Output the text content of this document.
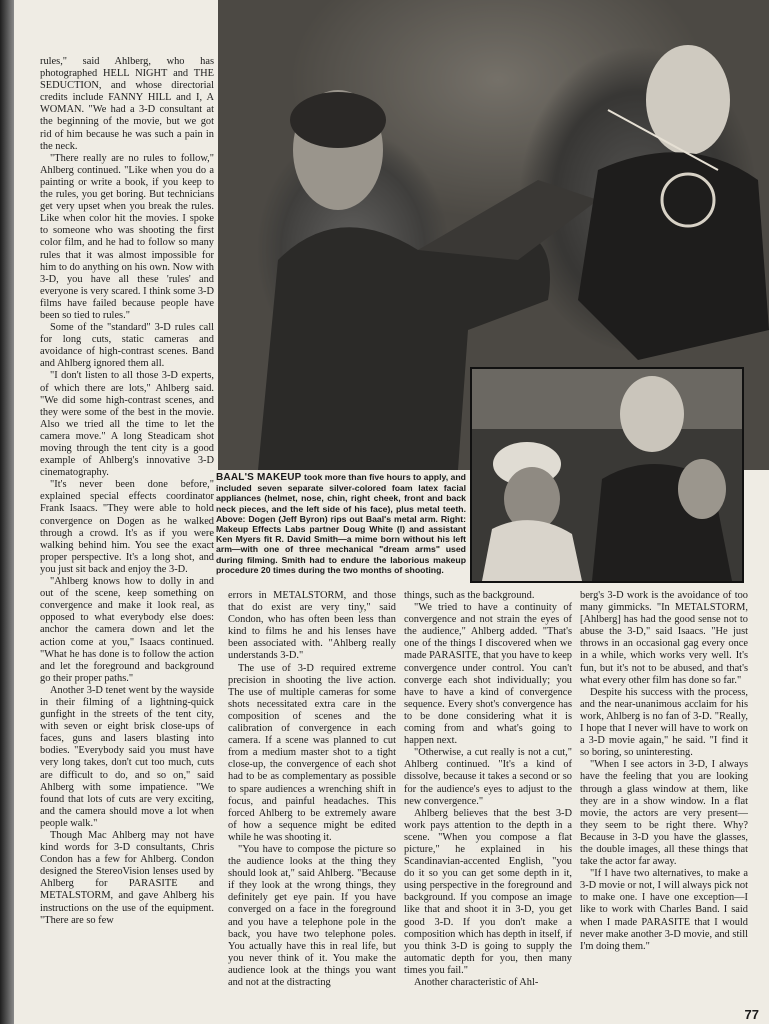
BAAL'S MAKEUP took more than five hours to apply, and included seven separate silver-colored foam latex facial appliances (helmet, nose, chin, right cheek, front and back neck pieces, and the left side of his face), plus metal teeth. Above: Dogen (Jeff Byron) rips out Baal's metal arm. Right: Makeup Effects Labs partner Doug White (l) and assistant Ken Myers fit R. David Smith—a mime born without his left arm—with one of three mechanical "dream arms" used during filming. Smith had to endure the laborious makeup procedure 20 times during the two months of shooting.

rules," said Ahlberg, who has photographed HELL NIGHT and THE SEDUCTION, and whose directorial credits include FANNY HILL and I, A WOMAN. "We had a 3-D consultant at the beginning of the movie, but we got rid of him because he was such a pain in the neck.

"There really are no rules to follow," Ahlberg continued. "Like when you do a painting or write a book, if you keep to the rules, you get boring. But technicians get very upset when you break the rules. Like when color hit the movies. I spoke to someone who was shooting the first color film, and he had to follow so many rules that it was almost impossible for him to do anything on his own. Now with 3-D, you have all these 'rules' and everyone is very scared. I think some 3-D films have failed because people have been so tied to rules."

Some of the "standard" 3-D rules call for long cuts, static cameras and avoidance of high-contrast scenes. Band and Ahlberg ignored them all.

"I don't listen to all those 3-D experts, of which there are lots," Ahlberg said. "We did some high-contrast scenes, and they were some of the best in the movie. Also we tried all the time to let the camera move." A long Steadicam shot moving through the tent city is a good example of Ahlberg's innovative 3-D cinematography.

"It's never been done before," explained special effects coordinator Frank Isaacs. "They were able to hold convergence on Dogen as he walked through a crowd. It's as if you were walking behind him. You see the exact proper perspective. It's a long shot, and you just sit back and enjoy the 3-D.

"Ahlberg knows how to dolly in and out of the scene, keep something on convergence and make it look real, as opposed to what everybody else does: anchor the camera down and let the action come at you," Isaacs continued. "What he has done is to follow the action and let the foreground and background go their proper paths."

Another 3-D tenet went by the wayside in their filming of a lightning-quick gunfight in the streets of the tent city, with seven or eight brisk close-ups of faces, guns and lasers blasting into bodies. "Everybody said you must have very long takes, don't cut too much, cuts are difficult to do, and so on," said Ahlberg with some impatience. "We found that lots of cuts are very exciting, and the camera should move a lot when people walk."

Though Mac Ahlberg may not have kind words for 3-D consultants, Chris Condon has a few for Ahlberg. Condon designed the StereoVision lenses used by Ahlberg for PARASITE and METALSTORM, and gave Ahlberg his instructions on the use of the equipment. "There are so few

errors in METALSTORM, and those that do exist are very tiny," said Condon, who has often been less than kind to films he and his lenses have been associated with. "Ahlberg really understands 3-D."

The use of 3-D required extreme precision in shooting the live action. The use of multiple cameras for some shots necessitated extra care in the composition of scenes and the calibration of convergence in each camera. If a scene was planned to cut from a medium master shot to a tight close-up, the convergence of each shot had to be as complementary as possible to spare audiences a wrenching shift in focus, and painful headaches. This forced Ahlberg to be extremely aware of how a sequence might be edited while he was shooting it.

"You have to compose the picture so the audience looks at the thing they should look at," said Ahlberg. "Because if they look at the wrong things, they definitely get eye pain. If you have converged on a face in the foreground and you have a telephone pole in the back, you have two telephone poles. You actually have this in real life, but you never think of it. You make the audience look at the things you want and not at the distracting

things, such as the background.

"We tried to have a continuity of convergence and not strain the eyes of the audience," Ahlberg added. "That's one of the things I discovered when we made PARASITE, that you have to keep convergence under control. You can't converge each shot individually; you have to have a kind of convergence sequence. Every shot's convergence has to be done considering what it is coming from and what's going to happen next.

"Otherwise, a cut really is not a cut," Ahlberg continued. "It's a kind of dissolve, because it takes a second or so for the audience's eyes to adjust to the new convergence."

Ahlberg believes that the best 3-D work pays attention to the depth in a scene. "When you compose a flat picture," he explained in his Scandinavian-accented English, "you do it so you can get some depth in it, using perspective in the foreground and background. If you compose an image like that and shoot it in 3-D, you get good 3-D. If you don't make a composition which has depth in itself, if you think 3-D is going to supply the automatic depth for you, then many times you fail."

Another characteristic of Ahl-

berg's 3-D work is the avoidance of too many gimmicks. "In METALSTORM, [Ahlberg] has had the good sense not to abuse the 3-D," said Isaacs. "He just throws in an occasional gag every once in a while, which works very well. It's fun, but it's not to be abused, and that's what every other film has done so far."

Despite his success with the process, and the near-unanimous acclaim for his work, Ahlberg is no fan of 3-D. "Really, I hope that I never will have to work on a 3-D movie again," he said. "I find it so boring, so uninteresting.

"When I see actors in 3-D, I always have the feeling that you are looking through a glass window at them, like they are in a show window. In a flat movie, the actors are very present—they seem to be right there. Why? Because in 3-D you have the glasses, the double images, all these things that take the actor far away.

"If I have two alternatives, to make a 3-D movie or not, I will always pick not to make one. I have one exception—I like to work with Charles Band. I said when I made PARASITE that I would never make another 3-D movie, and still I'm doing them."

77
